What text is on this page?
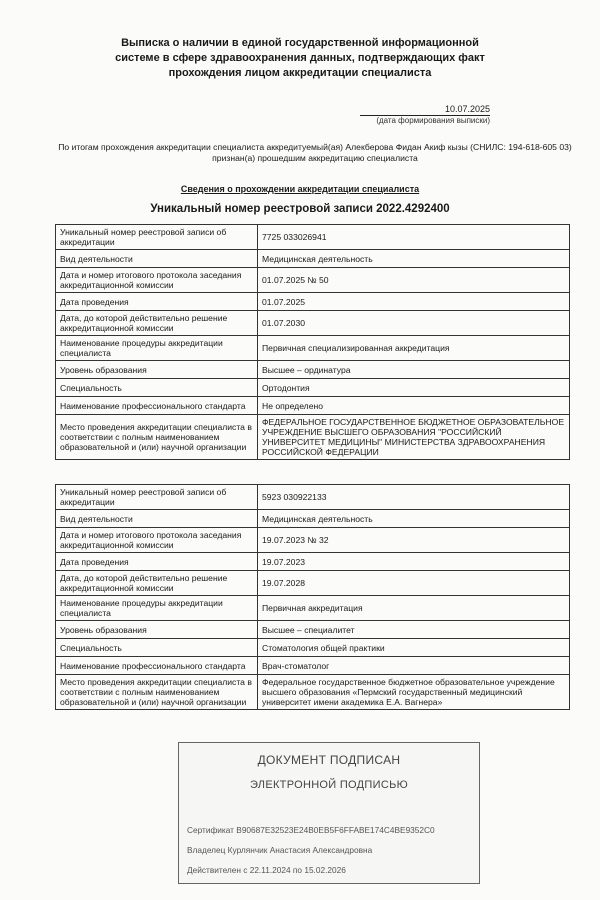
Выписка о наличии в единой государственной информационной
системе в сфере здравоохранения данных, подтверждающих факт
прохождения лицом аккредитации специалиста
10.07.2025
(дата формирования выписки)
По итогам прохождения аккредитации специалиста аккредитуемый(ая) Алекберова Фидан Акиф кызы (СНИЛС: 194-618-605 03)
признан(а) прошедшим аккредитацию специалиста
Сведения о прохождении аккредитации специалиста
Уникальный номер реестровой записи 2022.4292400
Уникальный номер реестровой записи об аккредитации	7725 033026941
Вид деятельности	Медицинская деятельность
Дата и номер итогового протокола заседания аккредитационной комиссии	01.07.2025 № 50
Дата проведения	01.07.2025
Дата, до которой действительно решение аккредитационной комиссии	01.07.2030
Наименование процедуры аккредитации специалиста	Первичная специализированная аккредитация
Уровень образования	Высшее – ординатура
Специальность	Ортодонтия
Наименование профессионального стандарта	Не определено
Место проведения аккредитации специалиста в соответствии с полным наименованием образовательной и (или) научной организации	ФЕДЕРАЛЬНОЕ ГОСУДАРСТВЕННОЕ БЮДЖЕТНОЕ ОБРАЗОВАТЕЛЬНОЕ УЧРЕЖДЕНИЕ ВЫСШЕГО ОБРАЗОВАНИЯ "РОССИЙСКИЙ УНИВЕРСИТЕТ МЕДИЦИНЫ" МИНИСТЕРСТВА ЗДРАВООХРАНЕНИЯ РОССИЙСКОЙ ФЕДЕРАЦИИ
Уникальный номер реестровой записи об аккредитации	5923 030922133
Вид деятельности	Медицинская деятельность
Дата и номер итогового протокола заседания аккредитационной комиссии	19.07.2023 № 32
Дата проведения	19.07.2023
Дата, до которой действительно решение аккредитационной комиссии	19.07.2028
Наименование процедуры аккредитации специалиста	Первичная аккредитация
Уровень образования	Высшее – специалитет
Специальность	Стоматология общей практики
Наименование профессионального стандарта	Врач-стоматолог
Место проведения аккредитации специалиста в соответствии с полным наименованием образовательной и (или) научной организации	Федеральное государственное бюджетное образовательное учреждение высшего образования «Пермский государственный медицинский университет имени академика Е.А. Вагнера»
ДОКУМЕНТ ПОДПИСАН
ЭЛЕКТРОННОЙ ПОДПИСЬЮ
Сертификат B90687E32523E24B0EB5F6FFABE174C4BE9352C0
Владелец Курлянчик Анастасия Александровна
Действителен с 22.11.2024 по 15.02.2026
